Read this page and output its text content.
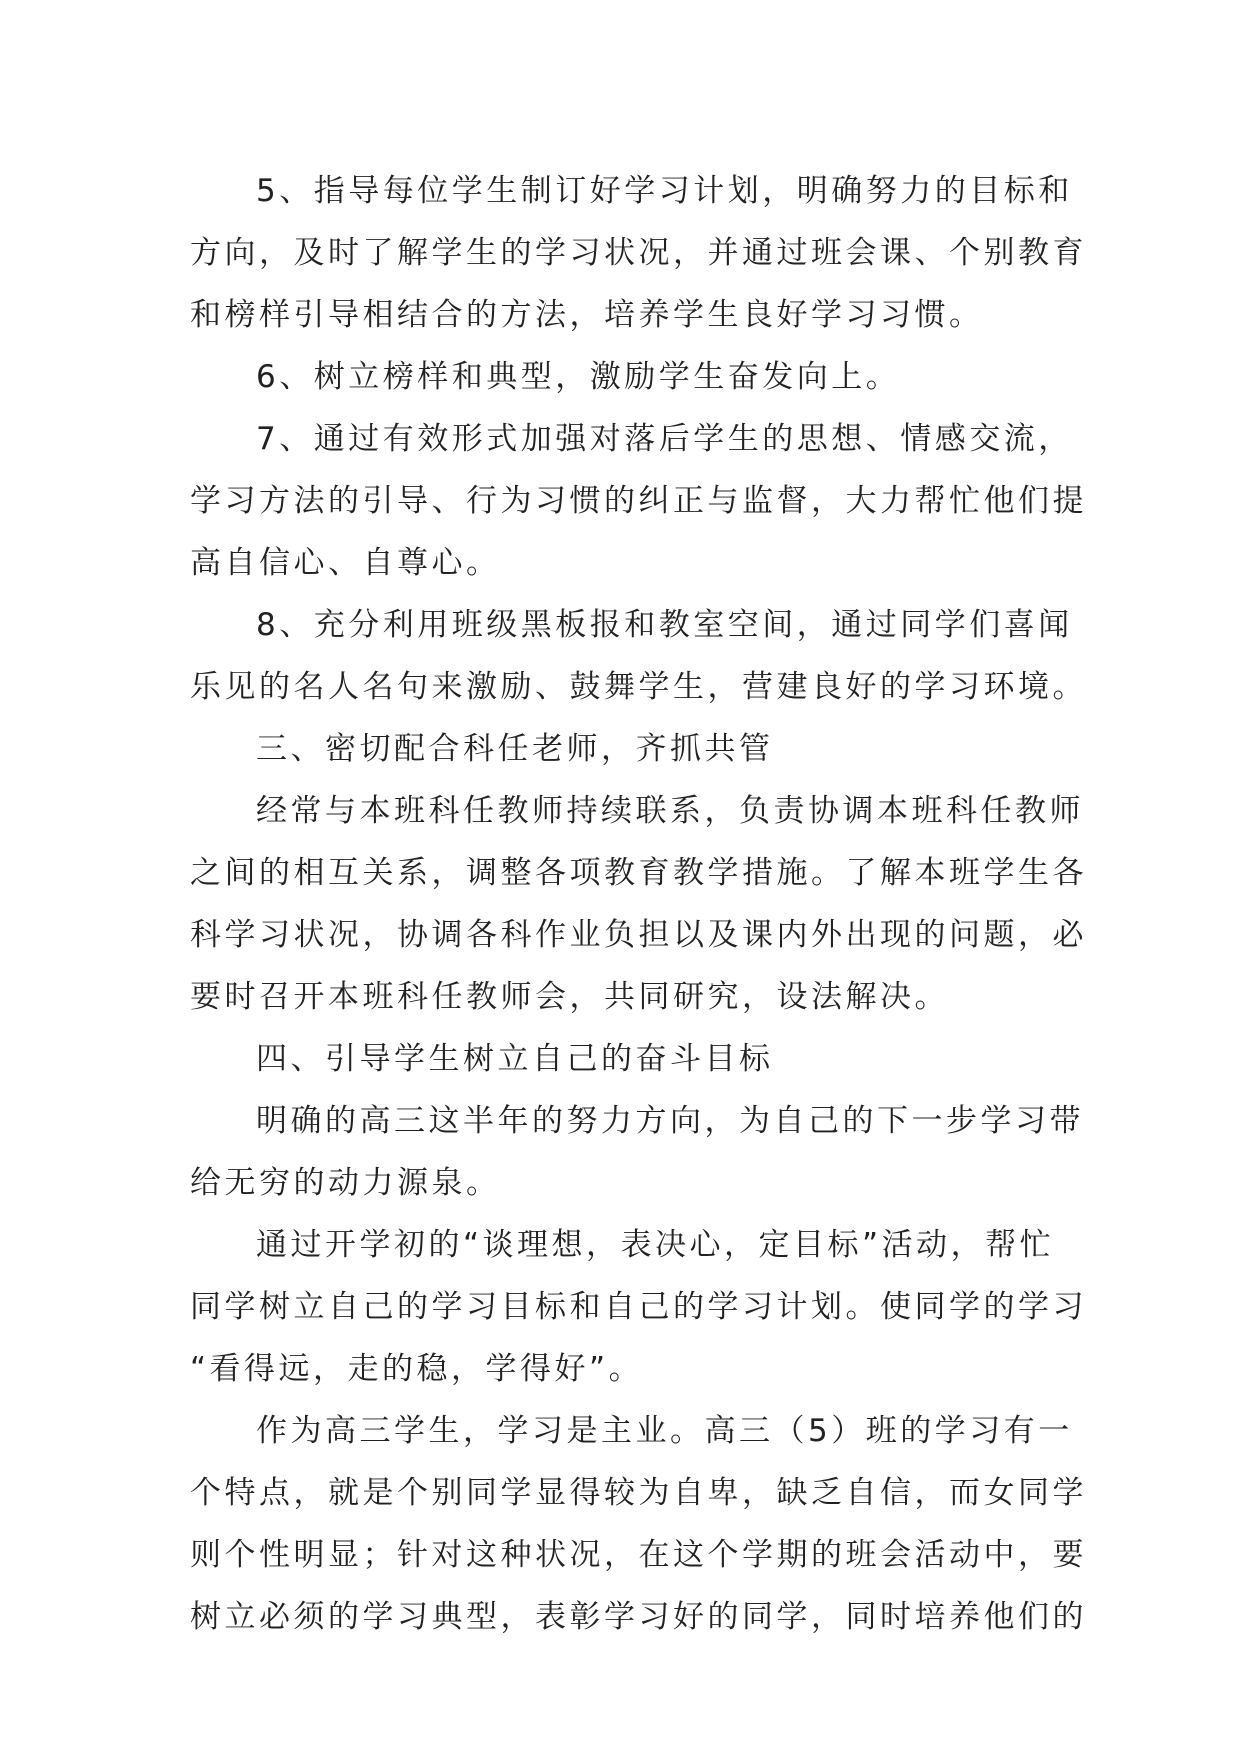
5、指导每位学生制订好学习计划，明确努力的目标和
方向，及时了解学生的学习状况，并通过班会课、个别教育
和榜样引导相结合的方法，培养学生良好学习习惯。
6、树立榜样和典型，激励学生奋发向上。
7、通过有效形式加强对落后学生的思想、情感交流，
学习方法的引导、行为习惯的纠正与监督，大力帮忙他们提
高自信心、自尊心。
8、充分利用班级黑板报和教室空间，通过同学们喜闻
乐见的名人名句来激励、鼓舞学生，营建良好的学习环境。
三、密切配合科任老师，齐抓共管
经常与本班科任教师持续联系，负责协调本班科任教师
之间的相互关系，调整各项教育教学措施。了解本班学生各
科学习状况，协调各科作业负担以及课内外出现的问题，必
要时召开本班科任教师会，共同研究，设法解决。
四、引导学生树立自己的奋斗目标
明确的高三这半年的努力方向，为自己的下一步学习带
给无穷的动力源泉。
通过开学初的“谈理想，表决心，定目标”活动，帮忙
同学树立自己的学习目标和自己的学习计划。使同学的学习
“看得远，走的稳，学得好”。
作为高三学生，学习是主业。高三（5）班的学习有一
个特点，就是个别同学显得较为自卑，缺乏自信，而女同学
则个性明显；针对这种状况，在这个学期的班会活动中，要
树立必须的学习典型，表彰学习好的同学，同时培养他们的
